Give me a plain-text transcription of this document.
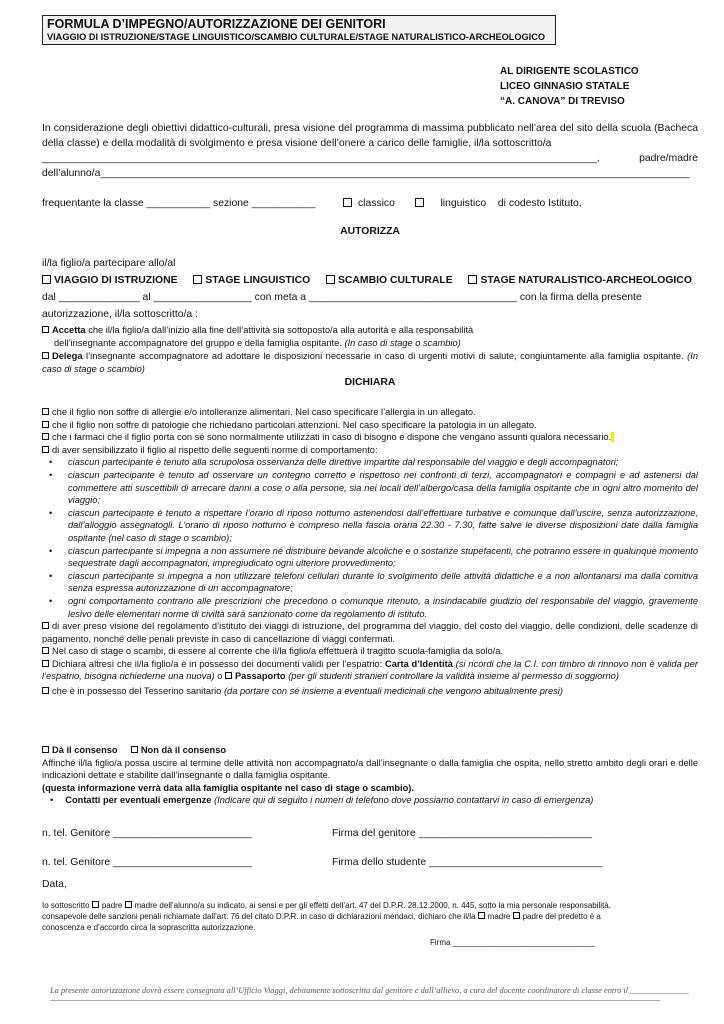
FORMULA D’IMPEGNO/AUTORIZZAZIONE DEI GENITORI
VIAGGIO DI ISTRUZIONE/STAGE LINGUISTICO/SCAMBIO CULTURALE/STAGE NATURALISTICO-ARCHEOLOGICO
AL DIRIGENTE SCOLASTICO
LICEO GINNASIO STATALE
“A. CANOVA” DI TREVISO
In considerazione degli obiettivi didattico-culturali, presa visione del programma di massima pubblicato nell’area del sito della scuola (Bacheca della classe) e della modalità di svolgimento e presa visione dell’onere a carico delle famiglie, il/la sottoscritto/a
________________________________________________________________________________________________,	padre/madre
dell’alunno/a______________________________________________________________________________________________________
frequentante la classe ___________ sezione ___________	classico	linguistico di codesto Istituto,
AUTORIZZA
il/la figlio/a partecipare allo/al
VIAGGIO DI ISTRUZIONE	STAGE LINGUISTICO	SCAMBIO CULTURALE	STAGE NATURALISTICO-ARCHEOLOGICO
dal ______________ al _________________ con meta a ____________________________________ con la firma della presente
autorizzazione, il/la sottoscritto/a :
Accetta che il/la figlio/a dall’inizio alla fine dell’attività sia sottoposto/a alla autorità e alla responsabilità
dell’insegnante accompagnatore del gruppo e della famiglia ospitante. (In caso di stage o scambio)
Delega l’insegnante accompagnatore ad adottare le disposizioni necessarie in caso di urgenti motivi di salute, congiuntamente alla famiglia ospitante. (In caso di stage o scambio)
DICHIARA
che il figlio non soffre di allergie e/o intolleranze alimentari. Nel caso specificare l’allergia in un allegato.
che il figlio non soffre di patologie che richiedano particolari attenzioni. Nel caso specificare la patologia in un allegato.
che i farmaci che il figlio porta con sé sono normalmente utilizzati in caso di bisogno e dispone che vengano assunti qualora necessario.
di aver sensibilizzato il figlio al rispetto delle seguenti norme di comportamento:
• ciascun partecipante è tenuto alla scrupolosa osservanza delle direttive impartite dal responsabile del viaggio e degli accompagnatori;
• ciascun partecipante è tenuto ad osservare un contegno corretto e rispettoso nei confronti di terzi, accompagnatori e compagni e ad astenersi dal commettere atti suscettibili di arrecare danni a cose o alla persone, sia nei locali dell’albergo/casa della famiglia ospitante che in ogni altro momento del viaggio;
• ciascun partecipante è tenuto a rispettare l’orario di riposo notturno astenendosi dall’effettuare turbative e comunque dall’uscire, senza autorizzazione, dall’alloggio assegnatogli. L’orario di riposo notturno è compreso nella fascia oraria 22.30 - 7.30, fatte salve le diverse disposizioni date dalla famiglia ospitante (nel caso di stage o scambio);
• ciascun partecipante si impegna a non assumere né distribuire bevande alcoliche e o sostanze stupefacenti, che potranno essere in qualunque momento sequestrate dagli accompagnatori, impregiudicato ogni ulteriore provvedimento;
• ciascun partecipante si impegna a non utilizzare telefoni cellulari durante lo svolgimento delle attività didattiche e a non allontanarsi ma dalla comitiva senza espressa autorizzazione di un accompagnatore;
• ogni comportamento contrario alle prescrizioni che precedono o comunque ritenuto, a insindacabile giudizio del responsabile del viaggio, gravemente lesivo delle elementari norme di civiltà sarà sanzionato come da regolamento di istituto.
di aver preso visione del regolamento d’istituto dei viaggi di istruzione, del programma del viaggio, del costo del viaggio, delle condizioni, delle scadenze di pagamento, nonché delle penali previste in caso di cancellazione di viaggi confermati.
Nel caso di stage o scambi, di essere al corrente che il/la figlio/a effettuerà il tragitto scuola-famiglia da solo/a.
Dichiara altresì che il/la figlio/a è in possesso dei documenti validi per l’espatrio: Carta d’Identità (si ricordi che la C.I. con timbro di rinnovo non è valida per l’espatrio, bisogna richiederne una nuova) o Passaporto (per gli studenti stranieri controllare la validità insieme al permesso di soggiorno)
che è in possesso del Tesserino sanitario (da portare con sé insieme a eventuali medicinali che vengono abitualmente presi)
Dà il consenso Non dà il consenso
Affinché il/la figlio/a possa uscire al termine delle attività non accompagnato/a dall’insegnante o dalla famiglia che ospita, nello stretto ambito degli orari e delle indicazioni dettate e stabilite dall’insegnante o dalla famiglia ospitante.
(questa informazione verrà data alla famiglia ospitante nel caso di stage o scambio).
• Contatti per eventuali emergenze (Indicare qui di seguito i numeri di telefono dove possiamo contattarvi in caso di emergenza)
n. tel. Genitore ________________________	Firma del genitore ______________________________
n. tel. Genitore ________________________	Firma dello studente ______________________________
Data,
Io sottoscritto padre madre dell’alunno/a su indicato, ai sensi e per gli effetti dell’art. 47 del D.P.R. 28.12.2000, n. 445, sotto la mia personale responsabilità,
consapevole delle sanzioni penali richiamate dall’art. 76 del citato D.P.R. in caso di dichiarazioni mendaci, dichiaro che il/la madre padre del predetto è a
conoscenza e d’accordo circa la soprascritta autorizzazione.
Firma ________________________________
La presente autorizzazione dovrà essere consegnata all’Ufficio Viaggi, debitamente sottoscritta dal genitore e dall’allievo, a cura del docente coordinatore di classe entro il ______________
